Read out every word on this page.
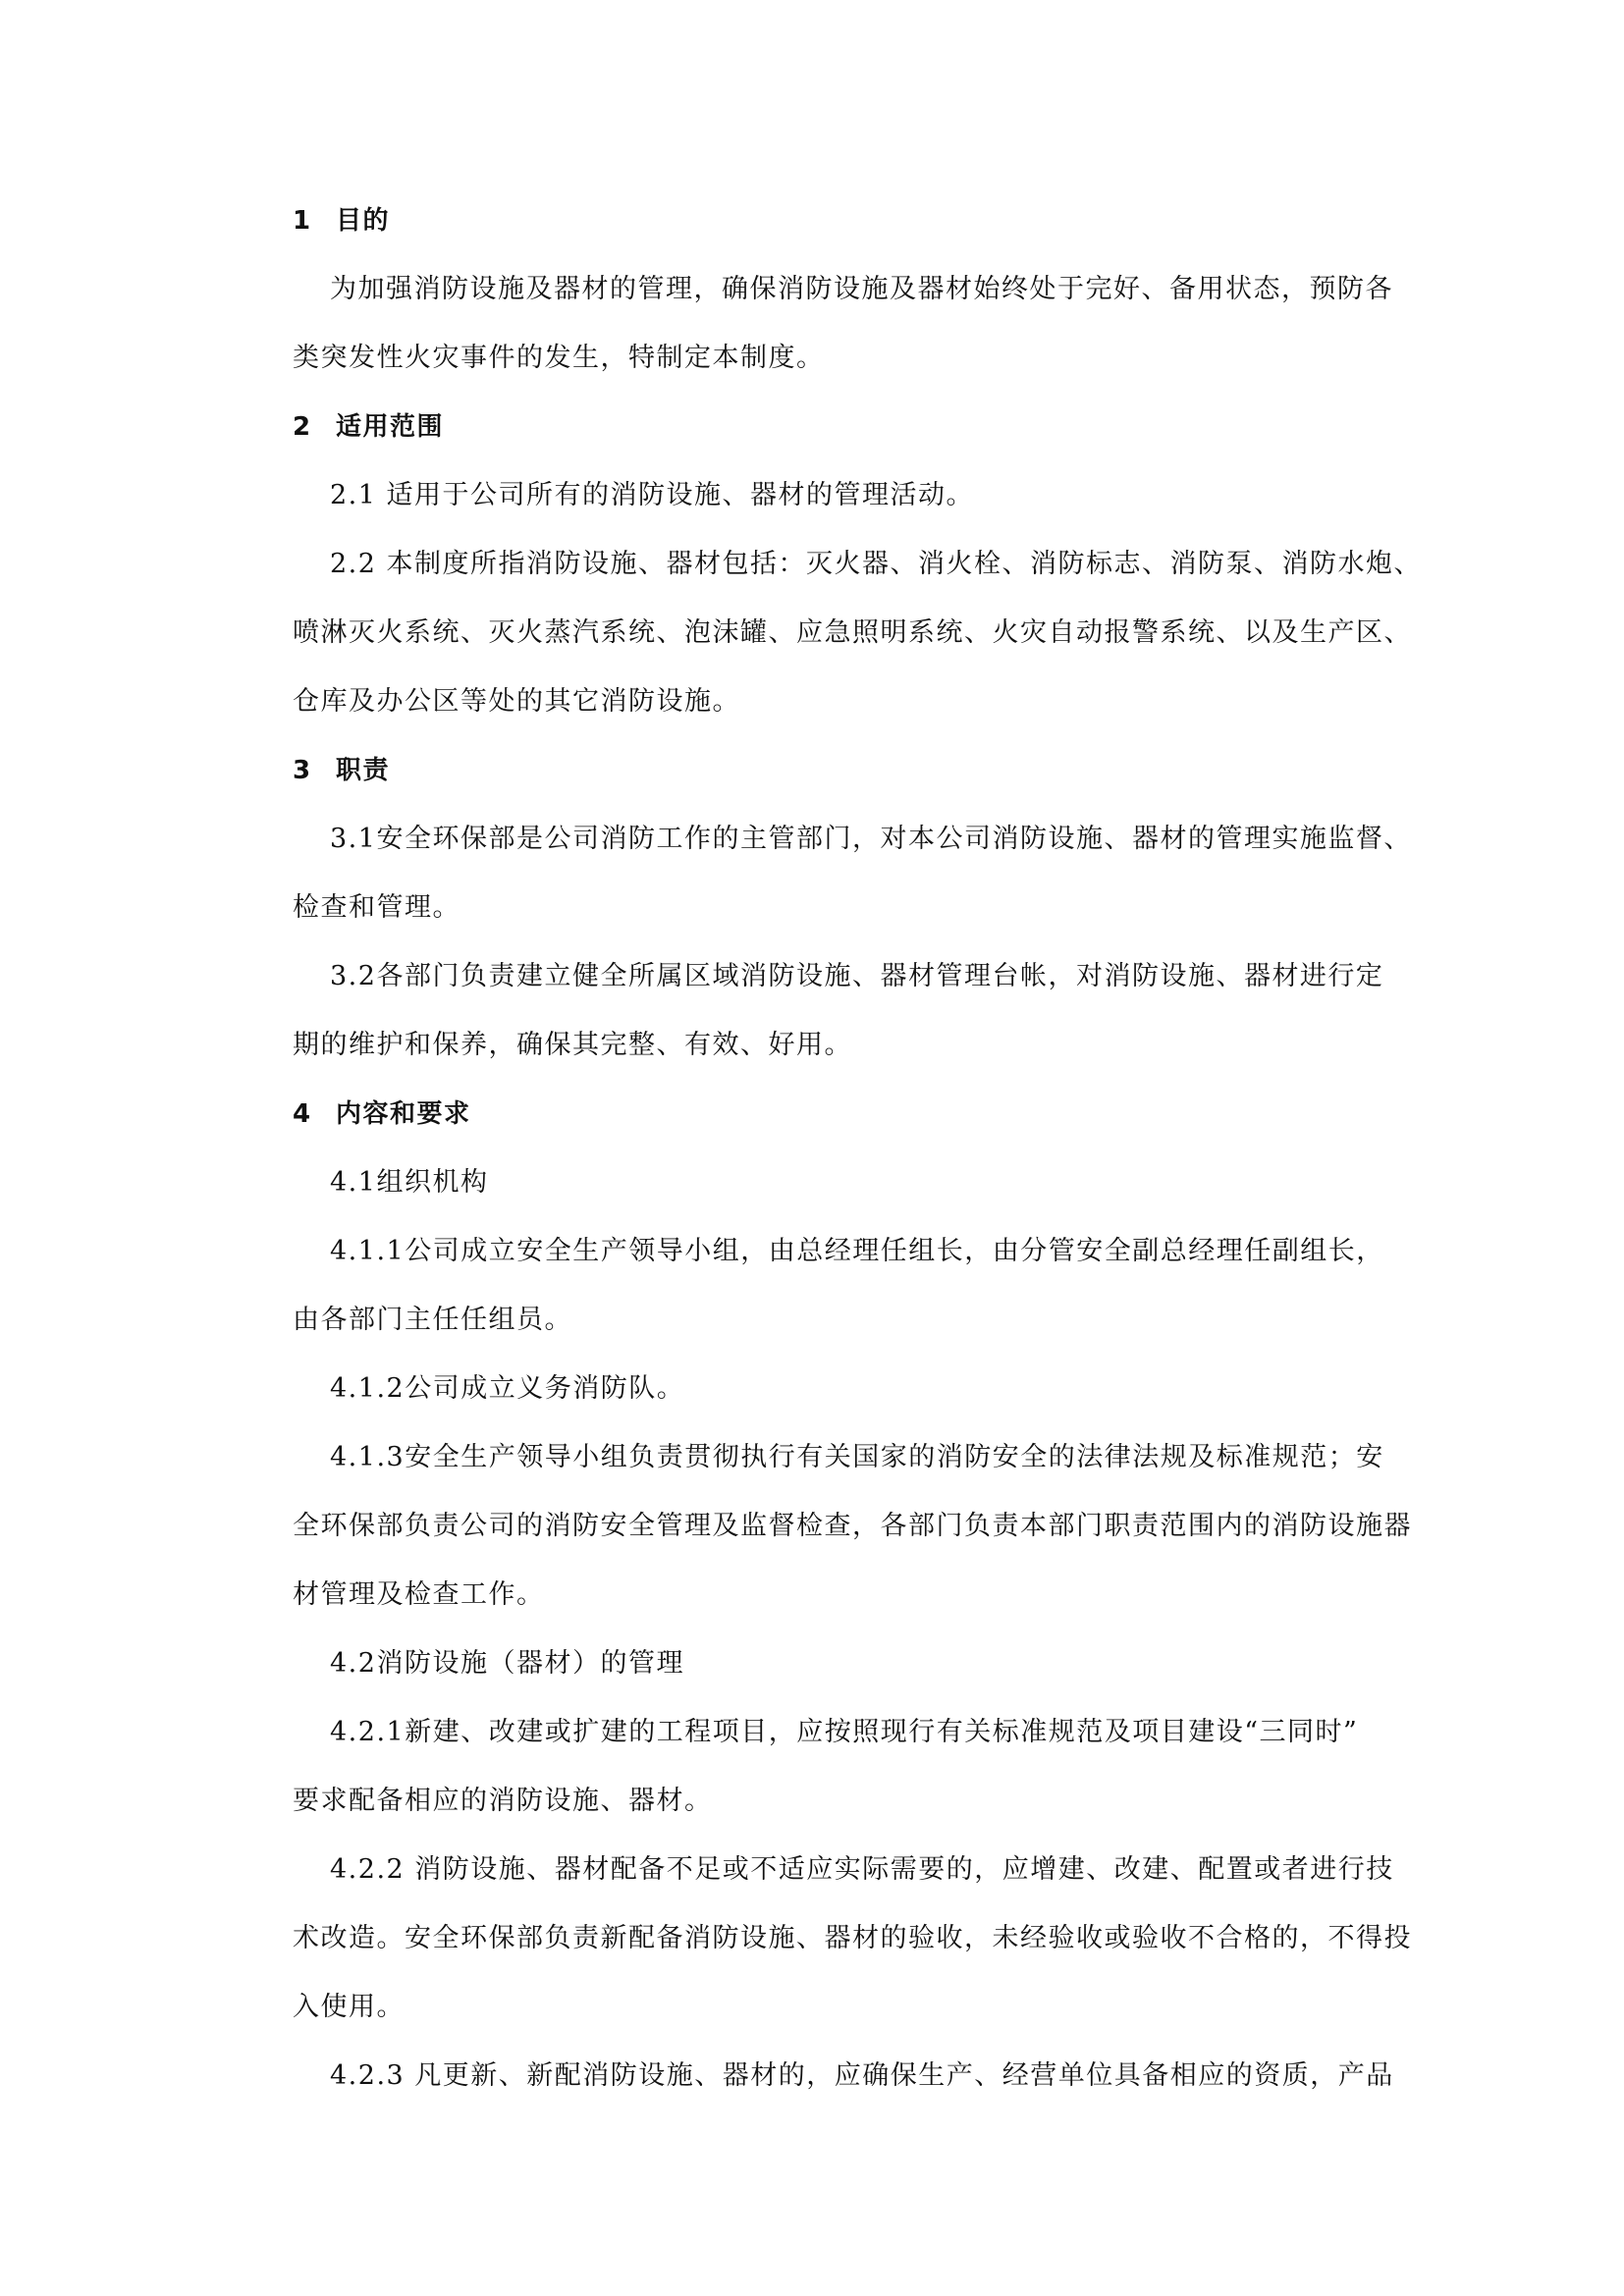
1 目的
为加强消防设施及器材的管理，确保消防设施及器材始终处于完好、备用状态，预防各
类突发性火灾事件的发生，特制定本制度。
2 适用范围
2.1 适用于公司所有的消防设施、器材的管理活动。
2.2 本制度所指消防设施、器材包括：灭火器、消火栓、消防标志、消防泵、消防水炮、
喷淋灭火系统、灭火蒸汽系统、泡沫罐、应急照明系统、火灾自动报警系统、以及生产区、
仓库及办公区等处的其它消防设施。
3 职责
3.1安全环保部是公司消防工作的主管部门，对本公司消防设施、器材的管理实施监督、
检查和管理。
3.2各部门负责建立健全所属区域消防设施、器材管理台帐，对消防设施、器材进行定
期的维护和保养，确保其完整、有效、好用。
4 内容和要求
4.1组织机构
4.1.1公司成立安全生产领导小组，由总经理任组长，由分管安全副总经理任副组长，
由各部门主任任组员。
4.1.2公司成立义务消防队。
4.1.3安全生产领导小组负责贯彻执行有关国家的消防安全的法律法规及标准规范；安
全环保部负责公司的消防安全管理及监督检查，各部门负责本部门职责范围内的消防设施器
材管理及检查工作。
4.2消防设施（器材）的管理
4.2.1新建、改建或扩建的工程项目，应按照现行有关标准规范及项目建设“三同时”
要求配备相应的消防设施、器材。
4.2.2 消防设施、器材配备不足或不适应实际需要的，应增建、改建、配置或者进行技
术改造。安全环保部负责新配备消防设施、器材的验收，未经验收或验收不合格的，不得投
入使用。
4.2.3 凡更新、新配消防设施、器材的，应确保生产、经营单位具备相应的资质，产品
